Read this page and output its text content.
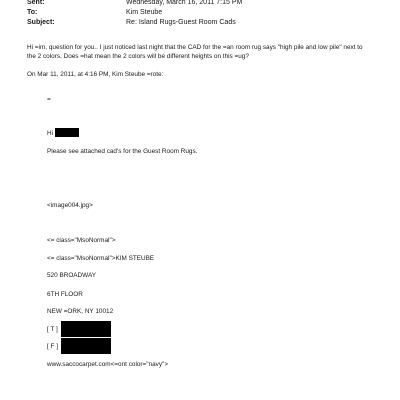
Sent:	Wednesday, March 16, 2011 7:15 PM
To:	Kim Steube
Subject:	Re: Island Rugs-Guest Room Cads
Hi =im, question for you.. I just noticed last night that the CAD for the =an room rug says "high pile and low pile" next to
the 2 colors. Does =hat mean the 2 colors will be different heights on this =ug?
On Mar 11, 2011, at 4:16 PM, Kim Steube =rote:
=
Hi
Please see attached cad's for the Guest Room Rugs.
<image004.jpg>
<= class="MsoNormal">
<= class="MsoNormal">KIM STEUBE
520 BROADWAY
6TH FLOOR
NEW =ORK, NY 10012
[ T ]
[ F ]
www.saccocarpet.com<=ont color="navy">
